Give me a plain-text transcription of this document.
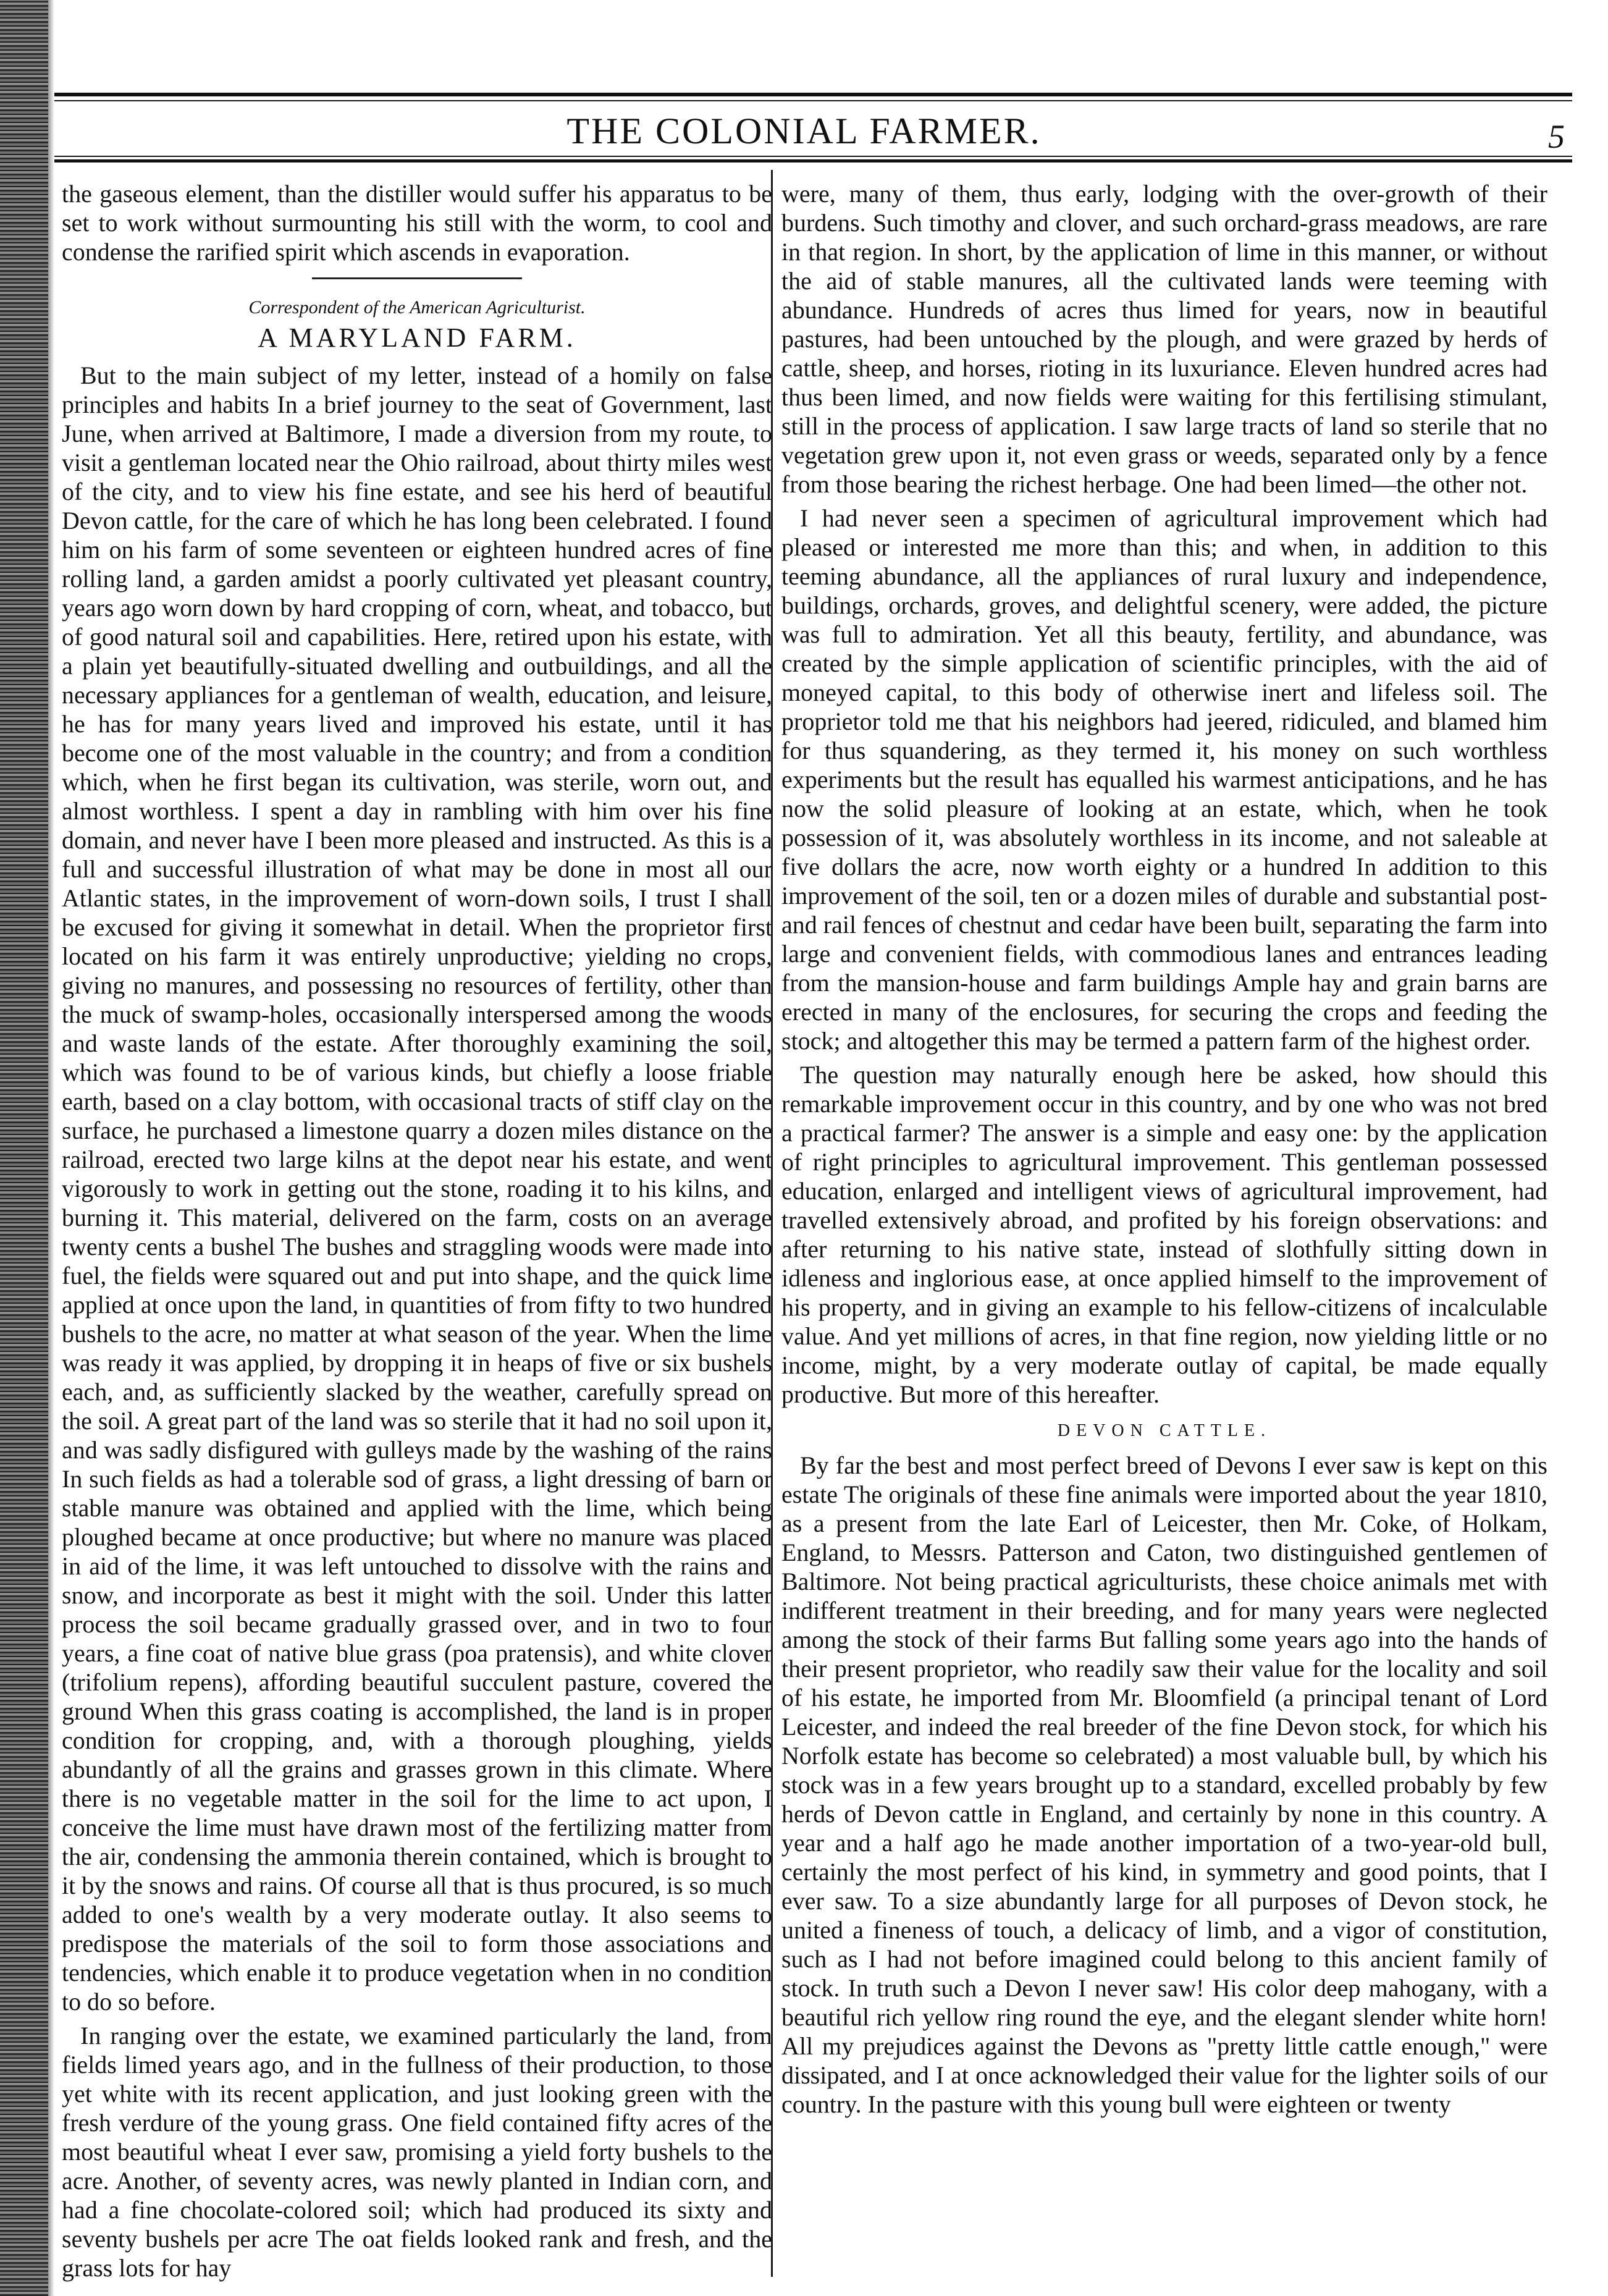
THE COLONIAL FARMER.	5

the gaseous element, than the distiller would suffer his apparatus to be set to work without surmounting his still with the worm, to cool and condense the rarified spirit which ascends in evaporation.

Correspondent of the American Agriculturist.
A MARYLAND FARM.

But to the main subject of my letter, instead of a homily on false principles and habits In a brief journey to the seat of Government, last June, when arrived at Baltimore, I made a diversion from my route, to visit a gentleman located near the Ohio railroad, about thirty miles west of the city, and to view his fine estate, and see his herd of beautiful Devon cattle, for the care of which he has long been celebrated. I found him on his farm of some seventeen or eighteen hundred acres of fine rolling land, a garden amidst a poorly cultivated yet pleasant country, years ago worn down by hard cropping of corn, wheat, and tobacco, but of good natural soil and capabilities. Here, retired upon his estate, with a plain yet beautifully-situated dwelling and outbuildings, and all the necessary appliances for a gentleman of wealth, education, and leisure, he has for many years lived and improved his estate, until it has become one of the most valuable in the country; and from a condition which, when he first began its cultivation, was sterile, worn out, and almost worthless. I spent a day in rambling with him over his fine domain, and never have I been more pleased and instructed. As this is a full and successful illustration of what may be done in most all our Atlantic states, in the improvement of worn-down soils, I trust I shall be excused for giving it somewhat in detail. When the proprietor first located on his farm it was entirely unproductive; yielding no crops, giving no manures, and possessing no resources of fertility, other than the muck of swamp-holes, occasionally interspersed among the woods and waste lands of the estate. After thoroughly examining the soil, which was found to be of various kinds, but chiefly a loose friable earth, based on a clay bottom, with occasional tracts of stiff clay on the surface, he purchased a limestone quarry a dozen miles distance on the railroad, erected two large kilns at the depot near his estate, and went vigorously to work in getting out the stone, roading it to his kilns, and burning it. This material, delivered on the farm, costs on an average twenty cents a bushel The bushes and straggling woods were made into fuel, the fields were squared out and put into shape, and the quick lime applied at once upon the land, in quantities of from fifty to two hundred bushels to the acre, no matter at what season of the year. When the lime was ready it was applied, by dropping it in heaps of five or six bushels each, and, as sufficiently slacked by the weather, carefully spread on the soil. A great part of the land was so sterile that it had no soil upon it, and was sadly disfigured with gulleys made by the washing of the rains In such fields as had a tolerable sod of grass, a light dressing of barn or stable manure was obtained and applied with the lime, which being ploughed became at once productive; but where no manure was placed in aid of the lime, it was left untouched to dissolve with the rains and snow, and incorporate as best it might with the soil. Under this latter process the soil became gradually grassed over, and in two to four years, a fine coat of native blue grass (poa pratensis), and white clover (trifolium repens), affording beautiful succulent pasture, covered the ground When this grass coating is accomplished, the land is in proper condition for cropping, and, with a thorough ploughing, yields abundantly of all the grains and grasses grown in this climate. Where there is no vegetable matter in the soil for the lime to act upon, I conceive the lime must have drawn most of the fertilizing matter from the air, condensing the ammonia therein contained, which is brought to it by the snows and rains. Of course all that is thus procured, is so much added to one's wealth by a very moderate outlay. It also seems to predispose the materials of the soil to form those associations and tendencies, which enable it to produce vegetation when in no condition to do so before.

In ranging over the estate, we examined particularly the land, from fields limed years ago, and in the fullness of their production, to those yet white with its recent application, and just looking green with the fresh verdure of the young grass. One field contained fifty acres of the most beautiful wheat I ever saw, promising a yield forty bushels to the acre. Another, of seventy acres, was newly planted in Indian corn, and had a fine chocolate-colored soil; which had produced its sixty and seventy bushels per acre The oat fields looked rank and fresh, and the grass lots for hay

were, many of them, thus early, lodging with the over-growth of their burdens. Such timothy and clover, and such orchard-grass meadows, are rare in that region. In short, by the application of lime in this manner, or without the aid of stable manures, all the cultivated lands were teeming with abundance. Hundreds of acres thus limed for years, now in beautiful pastures, had been untouched by the plough, and were grazed by herds of cattle, sheep, and horses, rioting in its luxuriance. Eleven hundred acres had thus been limed, and now fields were waiting for this fertilising stimulant, still in the process of application. I saw large tracts of land so sterile that no vegetation grew upon it, not even grass or weeds, separated only by a fence from those bearing the richest herbage. One had been limed—the other not.

I had never seen a specimen of agricultural improvement which had pleased or interested me more than this; and when, in addition to this teeming abundance, all the appliances of rural luxury and independence, buildings, orchards, groves, and delightful scenery, were added, the picture was full to admiration. Yet all this beauty, fertility, and abundance, was created by the simple application of scientific principles, with the aid of moneyed capital, to this body of otherwise inert and lifeless soil. The proprietor told me that his neighbors had jeered, ridiculed, and blamed him for thus squandering, as they termed it, his money on such worthless experiments but the result has equalled his warmest anticipations, and he has now the solid pleasure of looking at an estate, which, when he took possession of it, was absolutely worthless in its income, and not saleable at five dollars the acre, now worth eighty or a hundred In addition to this improvement of the soil, ten or a dozen miles of durable and substantial post-and rail fences of chestnut and cedar have been built, separating the farm into large and convenient fields, with commodious lanes and entrances leading from the mansion-house and farm buildings Ample hay and grain barns are erected in many of the enclosures, for securing the crops and feeding the stock; and altogether this may be termed a pattern farm of the highest order.

The question may naturally enough here be asked, how should this remarkable improvement occur in this country, and by one who was not bred a practical farmer? The answer is a simple and easy one: by the application of right principles to agricultural improvement. This gentleman possessed education, enlarged and intelligent views of agricultural improvement, had travelled extensively abroad, and profited by his foreign observations: and after returning to his native state, instead of slothfully sitting down in idleness and inglorious ease, at once applied himself to the improvement of his property, and in giving an example to his fellow-citizens of incalculable value. And yet millions of acres, in that fine region, now yielding little or no income, might, by a very moderate outlay of capital, be made equally productive. But more of this hereafter.

DEVON CATTLE.

By far the best and most perfect breed of Devons I ever saw is kept on this estate The originals of these fine animals were imported about the year 1810, as a present from the late Earl of Leicester, then Mr. Coke, of Holkam, England, to Messrs. Patterson and Caton, two distinguished gentlemen of Baltimore. Not being practical agriculturists, these choice animals met with indifferent treatment in their breeding, and for many years were neglected among the stock of their farms But falling some years ago into the hands of their present proprietor, who readily saw their value for the locality and soil of his estate, he imported from Mr. Bloomfield (a principal tenant of Lord Leicester, and indeed the real breeder of the fine Devon stock, for which his Norfolk estate has become so celebrated) a most valuable bull, by which his stock was in a few years brought up to a standard, excelled probably by few herds of Devon cattle in England, and certainly by none in this country. A year and a half ago he made another importation of a two-year-old bull, certainly the most perfect of his kind, in symmetry and good points, that I ever saw. To a size abundantly large for all purposes of Devon stock, he united a fineness of touch, a delicacy of limb, and a vigor of constitution, such as I had not before imagined could belong to this ancient family of stock. In truth such a Devon I never saw! His color deep mahogany, with a beautiful rich yellow ring round the eye, and the elegant slender white horn! All my prejudices against the Devons as "pretty little cattle enough," were dissipated, and I at once acknowledged their value for the lighter soils of our country. In the pasture with this young bull were eighteen or twenty
